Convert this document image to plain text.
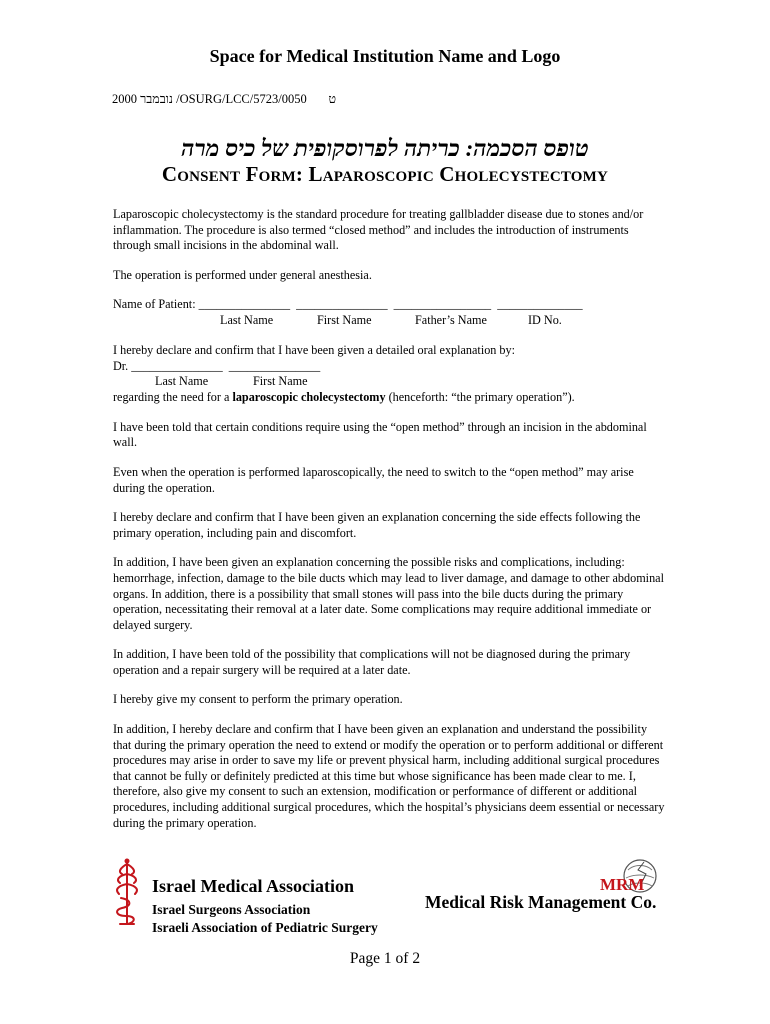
Space for Medical Institution Name and Logo
2000 נובמבר /OSURG/LCC/5723/0050 ט
טופס הסכמה: כריתה לפרוסקופית של כיס מרה
Consent Form: Laparoscopic Cholecystectomy

Laparoscopic cholecystectomy is the standard procedure for treating gallbladder disease due to stones and/or inflammation. The procedure is also termed “closed method” and includes the introduction of instruments through small incisions in the abdominal wall.

The operation is performed under general anesthesia.

Name of Patient: _______________  _______________  ________________  ______________
Last Name	First Name	Father’s Name	ID No.
I hereby declare and confirm that I have been given a detailed oral explanation by:
Dr. _______________  _______________
Last Name	First Name

regarding the need for a laparoscopic cholecystectomy (henceforth: “the primary operation”).

I have been told that certain conditions require using the “open method” through an incision in the abdominal wall.

Even when the operation is performed laparoscopically, the need to switch to the “open method” may arise during the operation.

I hereby declare and confirm that I have been given an explanation concerning the side effects following the primary operation, including pain and discomfort.

In addition, I have been given an explanation concerning the possible risks and complications, including: hemorrhage, infection, damage to the bile ducts which may lead to liver damage, and damage to other abdominal organs. In addition, there is a possibility that small stones will pass into the bile ducts during the primary operation, necessitating their removal at a later date. Some complications may require additional immediate or delayed surgery.

In addition, I have been told of the possibility that complications will not be diagnosed during the primary operation and a repair surgery will be required at a later date.

I hereby give my consent to perform the primary operation.

In addition, I hereby declare and confirm that I have been given an explanation and understand the possibility that during the primary operation the need to extend or modify the operation or to perform additional or different procedures may arise in order to save my life or prevent physical harm, including additional surgical procedures that cannot be fully or definitely predicted at this time but whose significance has been made clear to me. I, therefore, also give my consent to such an extension, modification or performance of different or additional procedures, including additional surgical procedures, which the hospital’s physicians deem essential or necessary during the primary operation.

Israel Medical Association
Israel Surgeons Association
Israeli Association of Pediatric Surgery
MRM
Medical Risk Management Co.
Page 1 of 2
